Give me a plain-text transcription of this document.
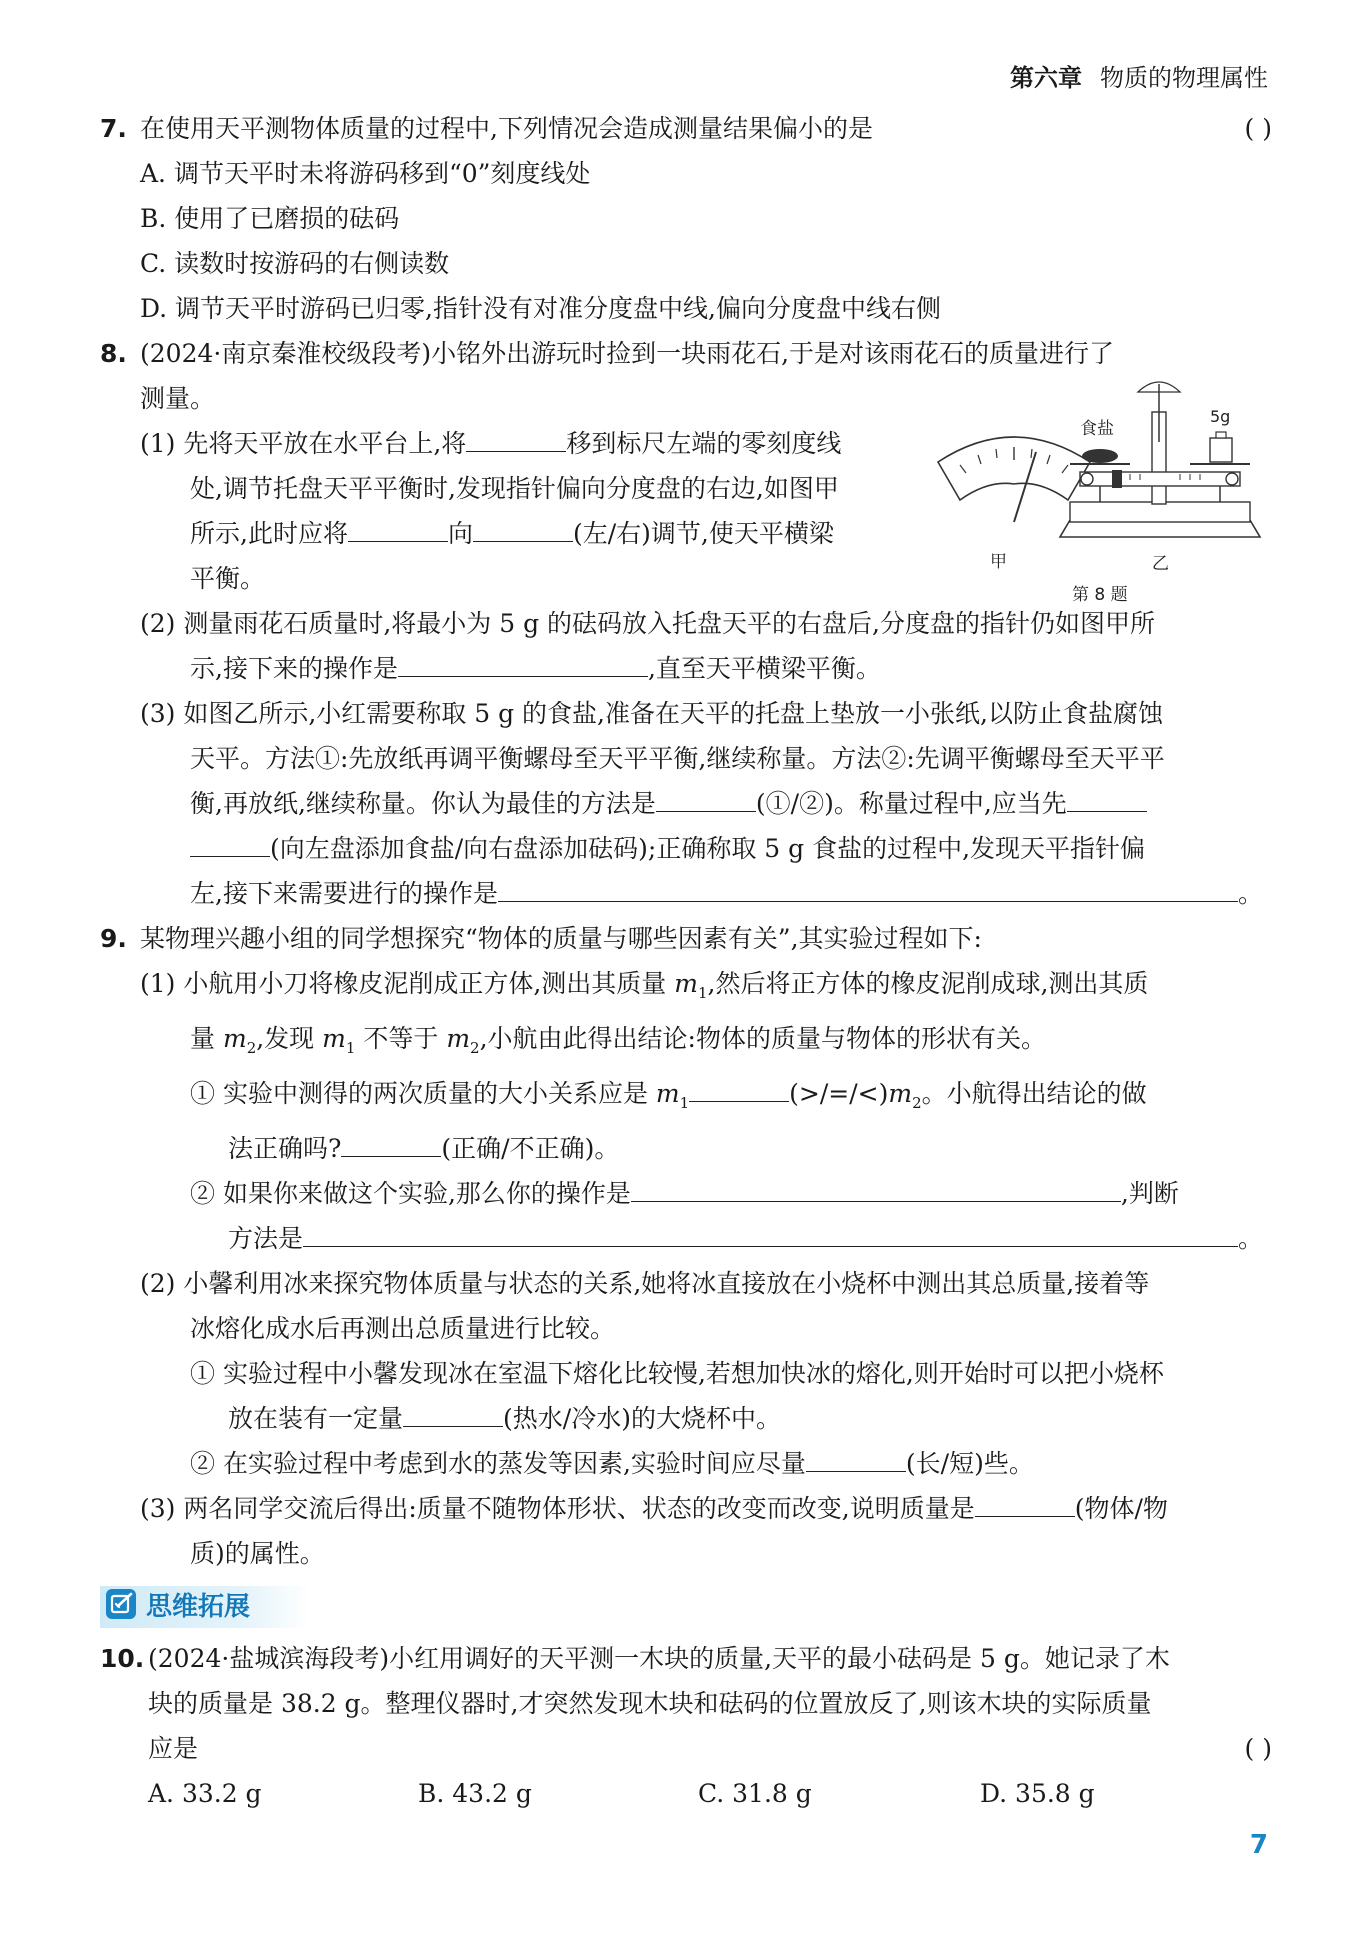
第六章 物质的物理属性
7. 在使用天平测物体质量的过程中,下列情况会造成测量结果偏小的是	( )
A. 调节天平时未将游码移到“0”刻度线处
B. 使用了已磨损的砝码
C. 读数时按游码的右侧读数
D. 调节天平时游码已归零,指针没有对准分度盘中线,偏向分度盘中线右侧
8. (2024·南京秦淮校级段考)小铭外出游玩时捡到一块雨花石,于是对该雨花石的质量进行了
测量。
(1) 先将天平放在水平台上,将	移到标尺左端的零刻度线
处,调节托盘天平平衡时,发现指针偏向分度盘的右边,如图甲
所示,此时应将	向	(左/右)调节,使天平横梁
平衡。
(2) 测量雨花石质量时,将最小为 5 g 的砝码放入托盘天平的右盘后,分度盘的指针仍如图甲所
示,接下来的操作是	,直至天平横梁平衡。
(3) 如图乙所示,小红需要称取 5 g 的食盐,准备在天平的托盘上垫放一小张纸,以防止食盐腐蚀
天平。方法①:先放纸再调平衡螺母至天平平衡,继续称量。方法②:先调平衡螺母至天平平
衡,再放纸,继续称量。你认为最佳的方法是	(①/②)。称量过程中,应当先
(向左盘添加食盐/向右盘添加砝码);正确称取 5 g 食盐的过程中,发现天平指针偏
左,接下来需要进行的操作是	。
9. 某物理兴趣小组的同学想探究“物体的质量与哪些因素有关”,其实验过程如下:
(1) 小航用小刀将橡皮泥削成正方体,测出其质量 $m_1$,然后将正方体的橡皮泥削成球,测出其质
量 $m_2$,发现 $m_1$ 不等于 $m_2$,小航由此得出结论:物体的质量与物体的形状有关。
① 实验中测得的两次质量的大小关系应是 $m_1$	$(>/=/<)m_2$。小航得出结论的做
法正确吗?	(正确/不正确)。
② 如果你来做这个实验,那么你的操作是	,判断
方法是	。
(2) 小馨利用冰来探究物体质量与状态的关系,她将冰直接放在小烧杯中测出其总质量,接着等
冰熔化成水后再测出总质量进行比较。
① 实验过程中小馨发现冰在室温下熔化比较慢,若想加快冰的熔化,则开始时可以把小烧杯
放在装有一定量	(热水/冷水)的大烧杯中。
② 在实验过程中考虑到水的蒸发等因素,实验时间应尽量	(长/短)些。
(3) 两名同学交流后得出:质量不随物体形状、状态的改变而改变,说明质量是	(物体/物
质)的属性。
思维拓展
10. (2024·盐城滨海段考)小红用调好的天平测一木块的质量,天平的最小砝码是 5 g。她记录了木
块的质量是 38.2 g。整理仪器时,才突然发现木块和砝码的位置放反了,则该木块的实际质量
应是	( )
A. 33.2 g	B. 43.2 g	C. 31.8 g	D. 35.8 g
甲
食盐
5g
乙
第 8 题
7
